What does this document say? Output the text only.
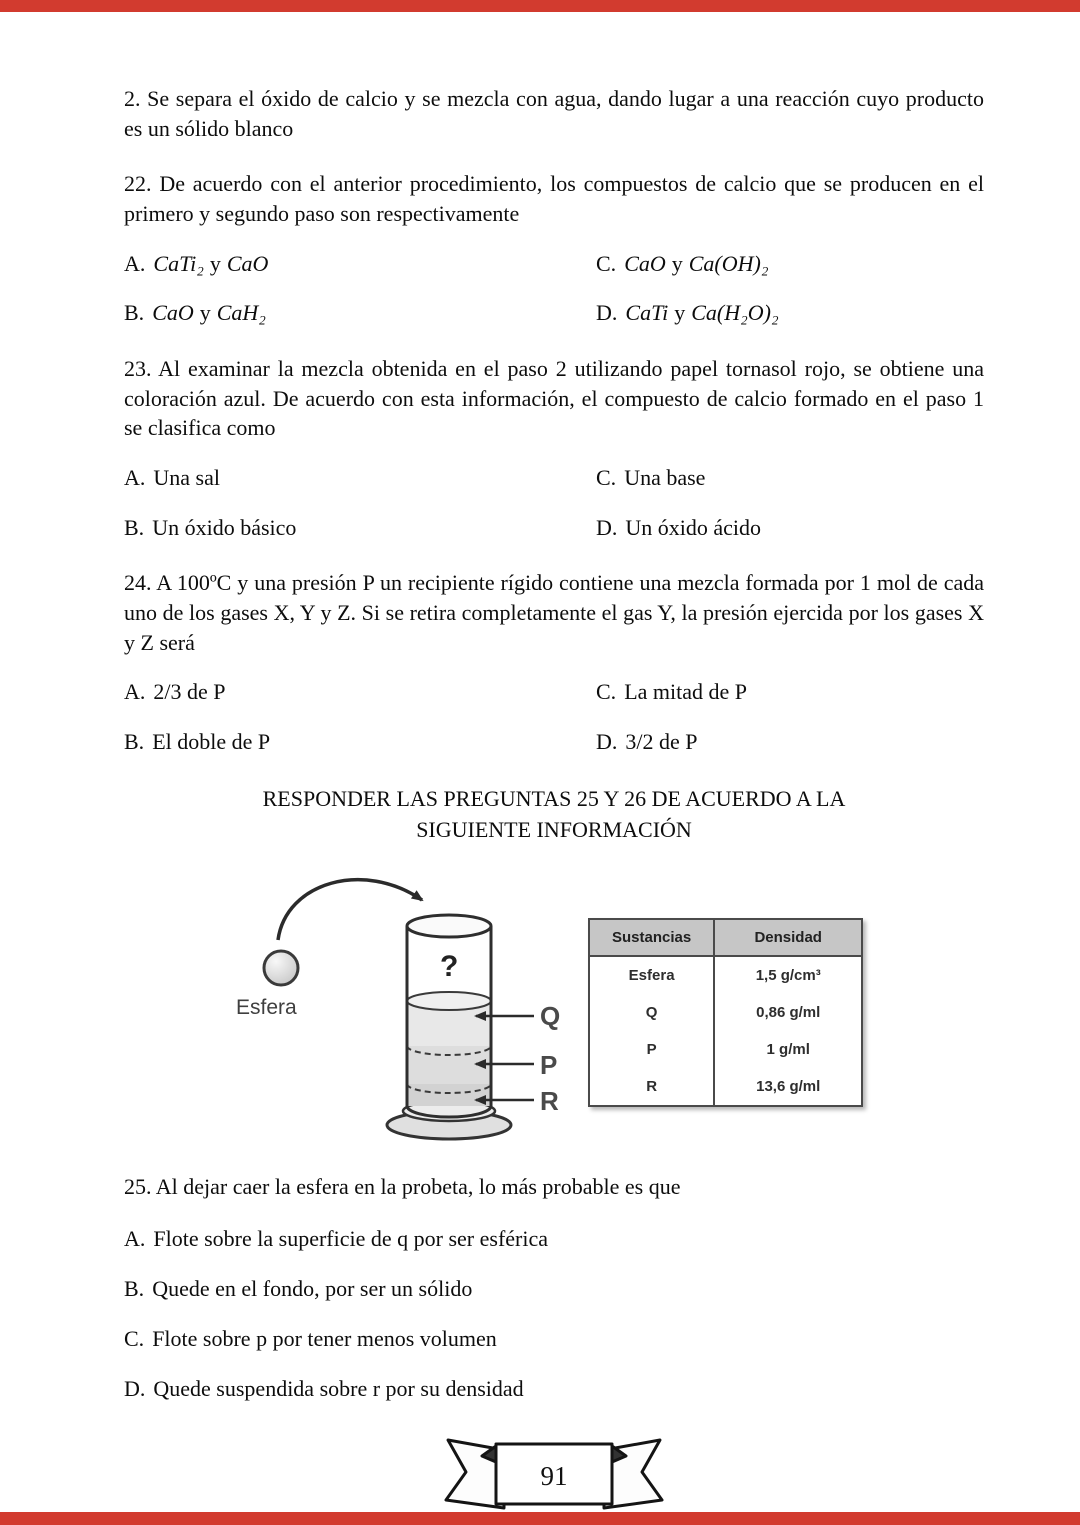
2. Se separa el óxido de calcio y se mezcla con agua, dando lugar a una reacción cuyo producto es un sólido blanco

22. De acuerdo con el anterior procedimiento, los compuestos de calcio que se producen en el primero y segundo paso son respectivamente

A. CaTi₂ y CaO	C. CaO y Ca(OH)₂
B. CaO y CaH₂	D. CaTi y Ca(H₂O)₂

23. Al examinar la mezcla obtenida en el paso 2 utilizando papel tornasol rojo, se obtiene una coloración azul. De acuerdo con esta información, el compuesto de calcio formado en el paso 1 se clasifica como

A. Una sal	C. Una base
B. Un óxido básico	D. Un óxido ácido

24. A 100ºC y una presión P un recipiente rígido contiene una mezcla formada por 1 mol de cada uno de los gases X, Y y Z. Si se retira completamente el gas Y, la presión ejercida por los gases X y Z será

A. 2/3 de P	C. La mitad de P
B. El doble de P	D. 3/2 de P
RESPONDER LAS PREGUNTAS 25 Y 26 DE ACUERDO A LA
SIGUIENTE INFORMACIÓN
?
Esfera	Q
P
R
Sustancias	Densidad
Esfera	1,5 g/cm³
Q	0,86 g/ml
P	1 g/ml
R	13,6 g/ml

25. Al dejar caer la esfera en la probeta, lo más probable es que

A. Flote sobre la superficie de q por ser esférica
B. Quede en el fondo, por ser un sólido
C. Flote sobre p por tener menos volumen
D. Quede suspendida sobre r por su densidad
91
